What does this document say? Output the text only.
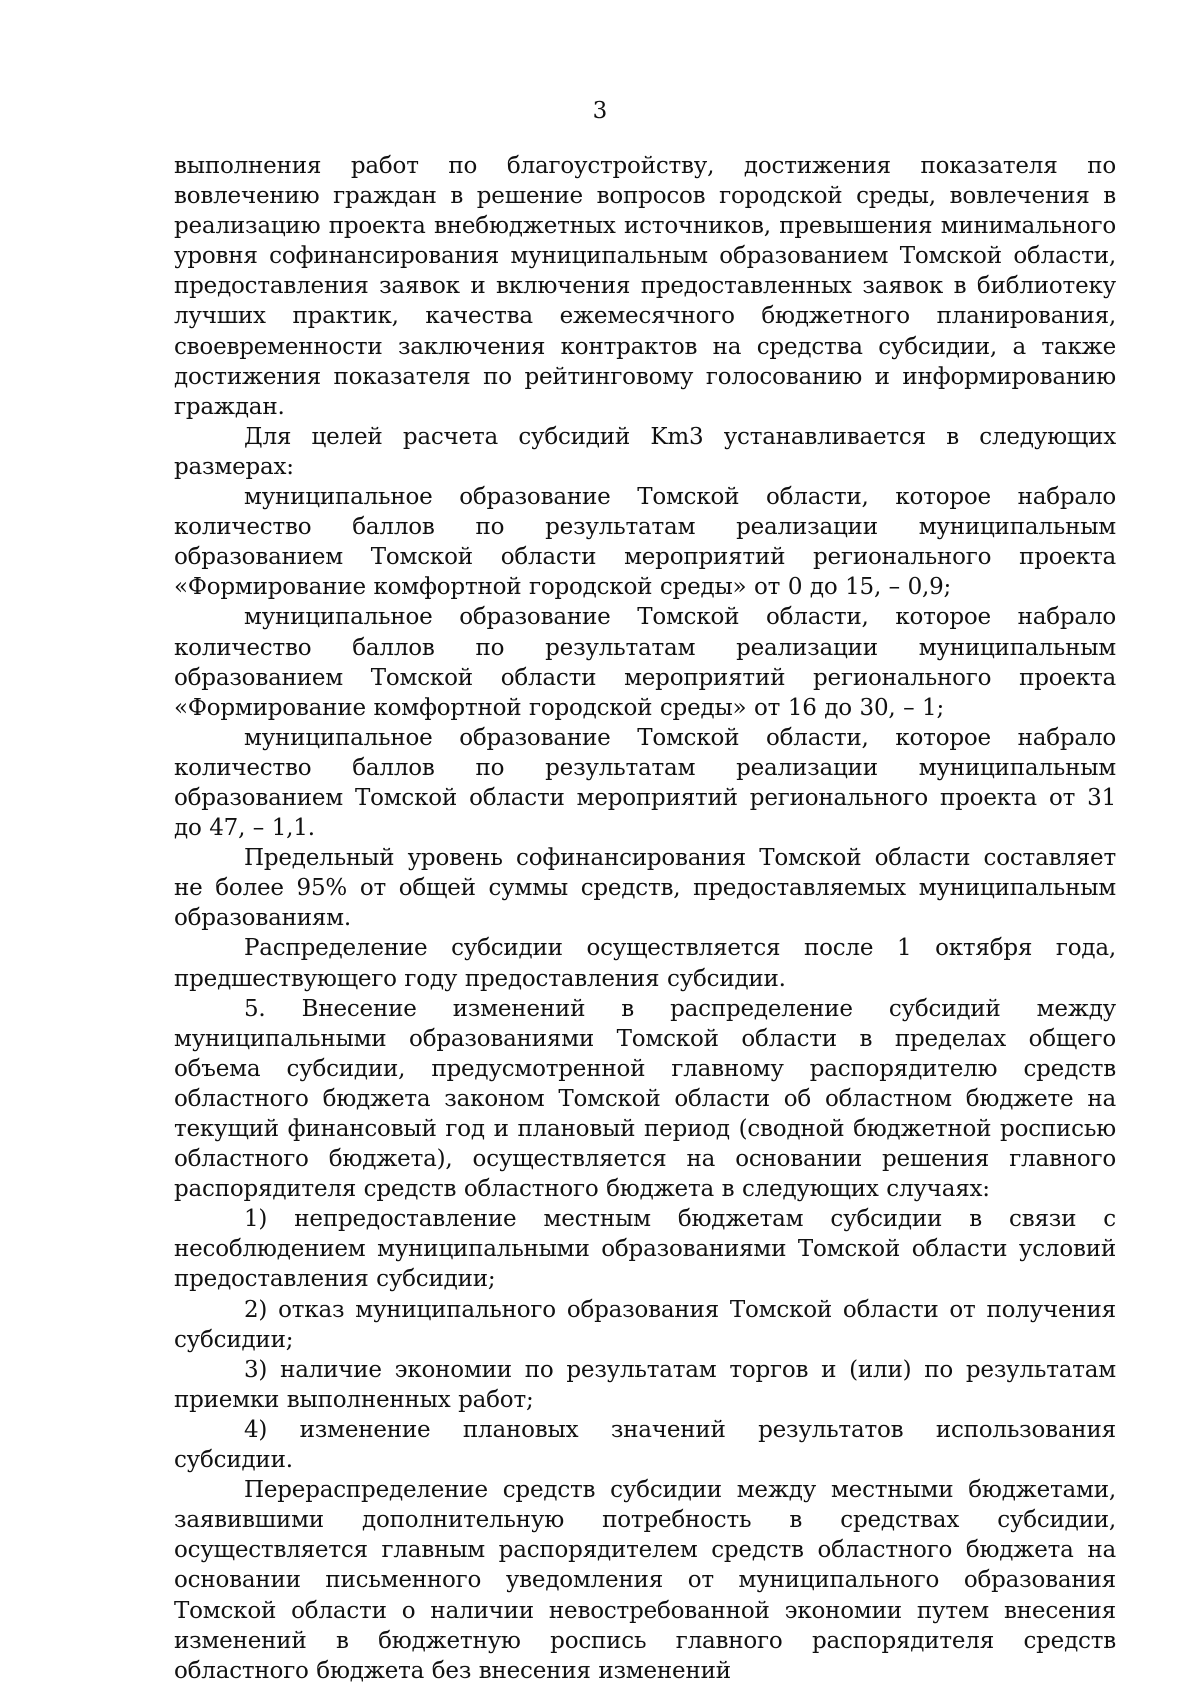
3

выполнения работ по благоустройству, достижения показателя по вовлечению граждан в решение вопросов городской среды, вовлечения в реализацию проекта внебюджетных источников, превышения минимального уровня софинансирования муниципальным образованием Томской области, предоставления заявок и включения предоставленных заявок в библиотеку лучших практик, качества ежемесячного бюджетного планирования, своевременности заключения контрактов на средства субсидии, а также достижения показателя по рейтинговому голосованию и информированию граждан.

Для целей расчета субсидий Km3 устанавливается в следующих размерах:

муниципальное образование Томской области, которое набрало количество баллов по результатам реализации муниципальным образованием Томской области мероприятий регионального проекта «Формирование комфортной городской среды» от 0 до 15, – 0,9;

муниципальное образование Томской области, которое набрало количество баллов по результатам реализации муниципальным образованием Томской области мероприятий регионального проекта «Формирование комфортной городской среды» от 16 до 30, – 1;

муниципальное образование Томской области, которое набрало количество баллов по результатам реализации муниципальным образованием Томской области мероприятий регионального проекта от 31 до 47, – 1,1.

Предельный уровень софинансирования Томской области составляет не более 95% от общей суммы средств, предоставляемых муниципальным образованиям.

Распределение субсидии осуществляется после 1 октября года, предшествующего году предоставления субсидии.

5. Внесение изменений в распределение субсидий между муниципальными образованиями Томской области в пределах общего объема субсидии, предусмотренной главному распорядителю средств областного бюджета законом Томской области об областном бюджете на текущий финансовый год и плановый период (сводной бюджетной росписью областного бюджета), осуществляется на основании решения главного распорядителя средств областного бюджета в следующих случаях:

1) непредоставление местным бюджетам субсидии в связи с несоблюдением муниципальными образованиями Томской области условий предоставления субсидии;

2) отказ муниципального образования Томской области от получения субсидии;

3) наличие экономии по результатам торгов и (или) по результатам приемки выполненных работ;

4) изменение плановых значений результатов использования субсидии.

Перераспределение средств субсидии между местными бюджетами, заявившими дополнительную потребность в средствах субсидии, осуществляется главным распорядителем средств областного бюджета на основании письменного уведомления от муниципального образования Томской области о наличии невостребованной экономии путем внесения изменений в бюджетную роспись главного распорядителя средств областного бюджета без внесения изменений
